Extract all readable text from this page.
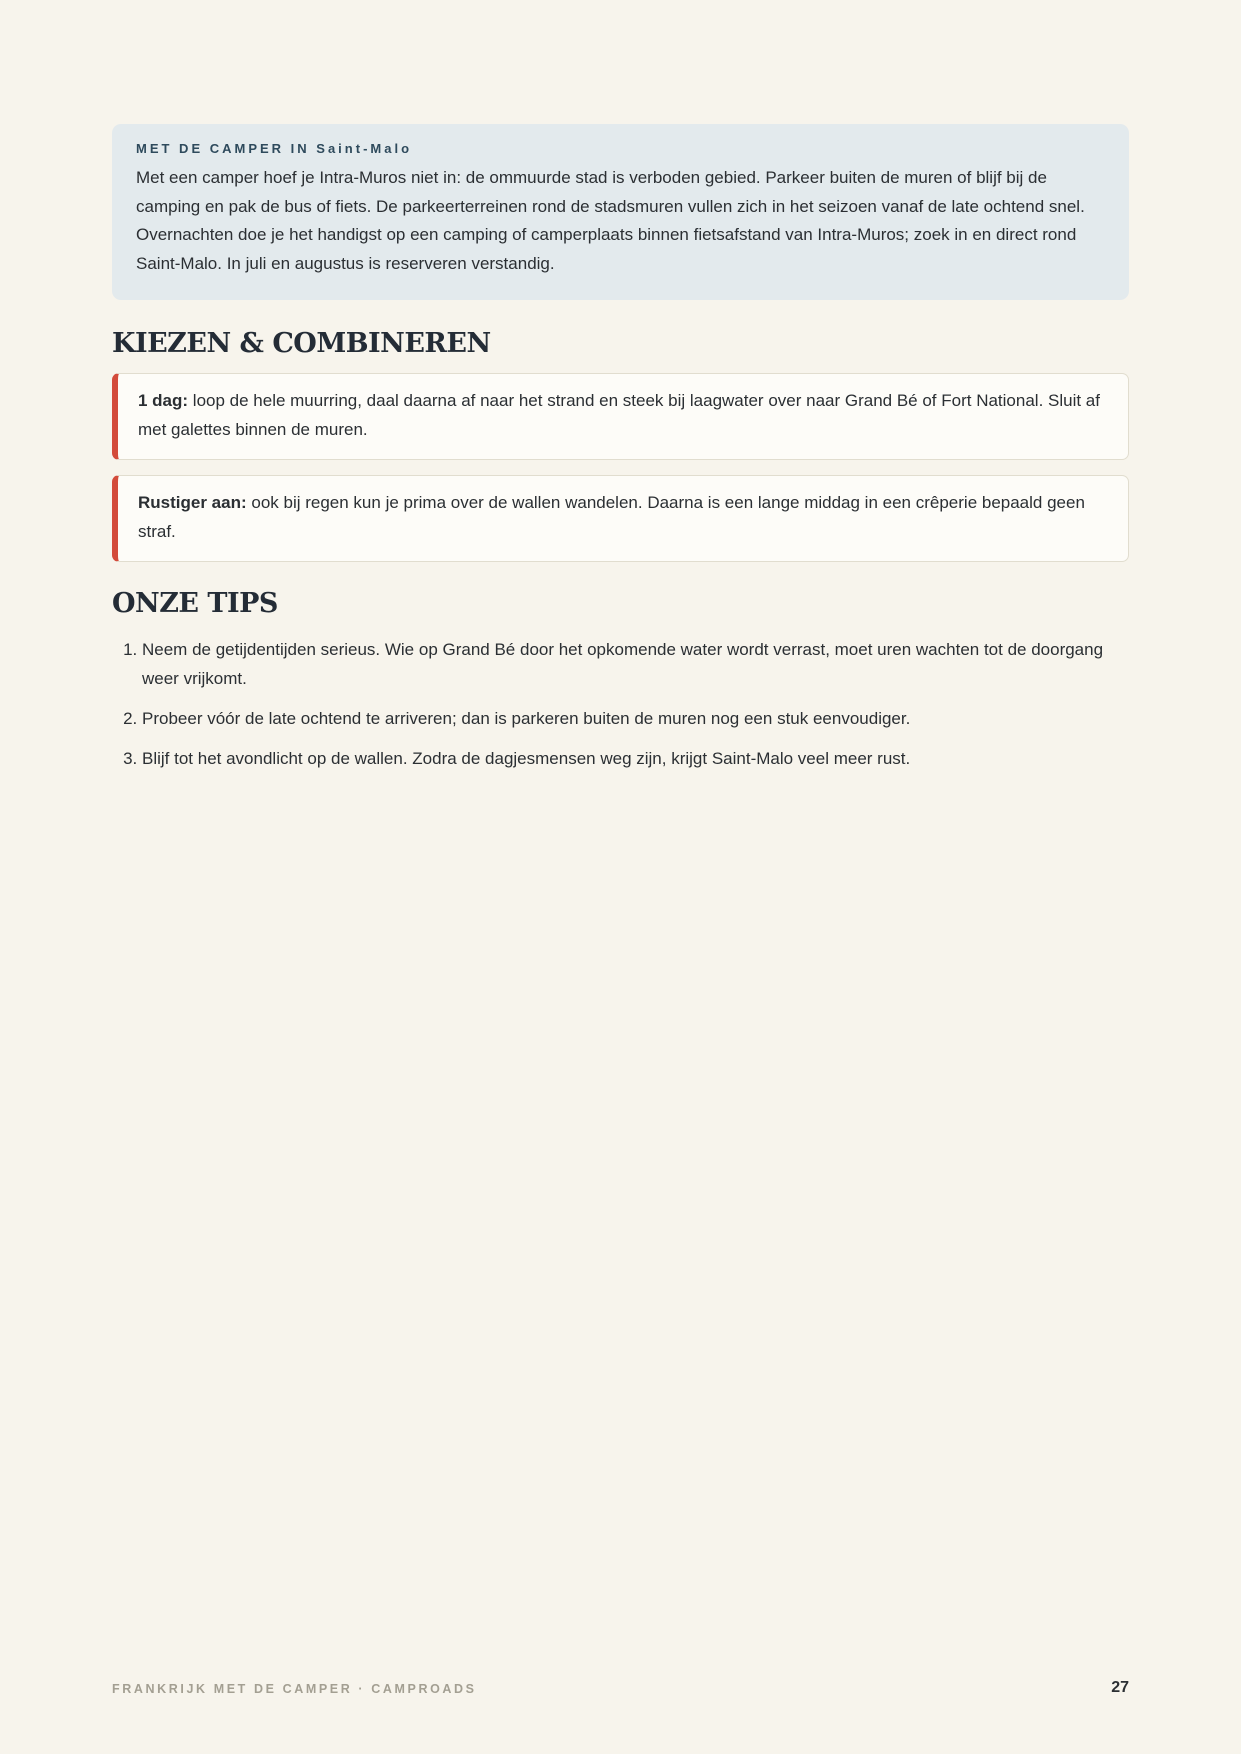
MET DE CAMPER IN Saint-Malo

Met een camper hoef je Intra-Muros niet in: de ommuurde stad is verboden gebied. Parkeer buiten de muren of blijf bij de camping en pak de bus of fiets. De parkeerterreinen rond de stadsmuren vullen zich in het seizoen vanaf de late ochtend snel. Overnachten doe je het handigst op een camping of camperplaats binnen fietsafstand van Intra-Muros; zoek in en direct rond Saint-Malo. In juli en augustus is reserveren verstandig.

KIEZEN & COMBINEREN
1 dag: loop de hele muurring, daal daarna af naar het strand en steek bij laagwater over naar Grand Bé of Fort National. Sluit af met galettes binnen de muren.
Rustiger aan: ook bij regen kun je prima over de wallen wandelen. Daarna is een lange middag in een crêperie bepaald geen straf.
ONZE TIPS
1. Neem de getijdentijden serieus. Wie op Grand Bé door het opkomende water wordt verrast, moet uren wachten tot de doorgang weer vrijkomt.
2. Probeer vóór de late ochtend te arriveren; dan is parkeren buiten de muren nog een stuk eenvoudiger.
3. Blijf tot het avondlicht op de wallen. Zodra de dagjesmensen weg zijn, krijgt Saint-Malo veel meer rust.
FRANKRIJK MET DE CAMPER · CAMPROADS	27
